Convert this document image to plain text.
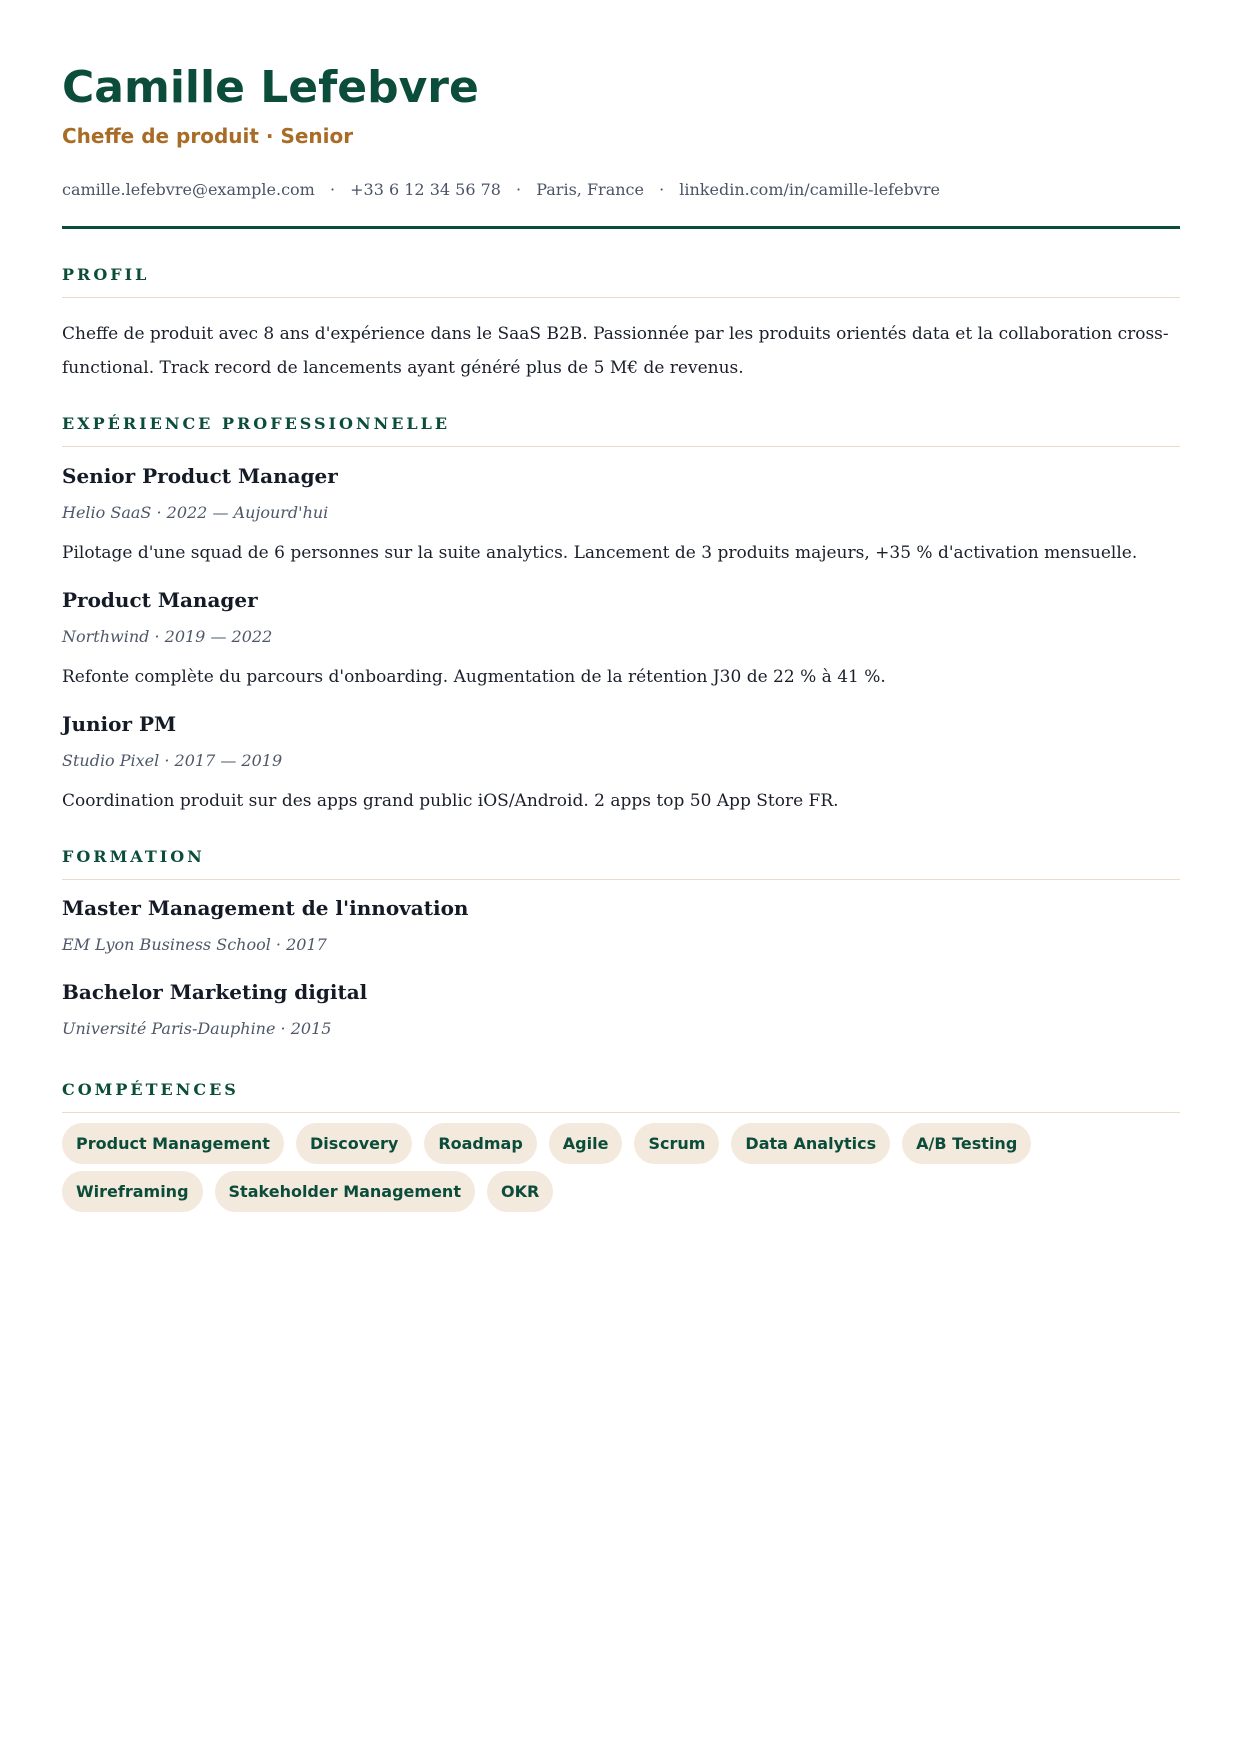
Camille Lefebvre
Cheffe de produit · Senior
camille.lefebvre@example.com · +33 6 12 34 56 78 · Paris, France · linkedin.com/in/camille-lefebvre
PROFIL
Cheffe de produit avec 8 ans d'expérience dans le SaaS B2B. Passionnée par les produits orientés data et la collaboration cross-functional. Track record de lancements ayant généré plus de 5 M€ de revenus.
EXPÉRIENCE PROFESSIONNELLE
Senior Product Manager
Helio SaaS · 2022 — Aujourd'hui
Pilotage d'une squad de 6 personnes sur la suite analytics. Lancement de 3 produits majeurs, +35 % d'activation mensuelle.
Product Manager
Northwind · 2019 — 2022
Refonte complète du parcours d'onboarding. Augmentation de la rétention J30 de 22 % à 41 %.
Junior PM
Studio Pixel · 2017 — 2019
Coordination produit sur des apps grand public iOS/Android. 2 apps top 50 App Store FR.
FORMATION
Master Management de l'innovation
EM Lyon Business School · 2017
Bachelor Marketing digital
Université Paris-Dauphine · 2015
COMPÉTENCES
Product Management	Discovery	Roadmap	Agile	Scrum	Data Analytics	A/B Testing
Wireframing	Stakeholder Management	OKR
